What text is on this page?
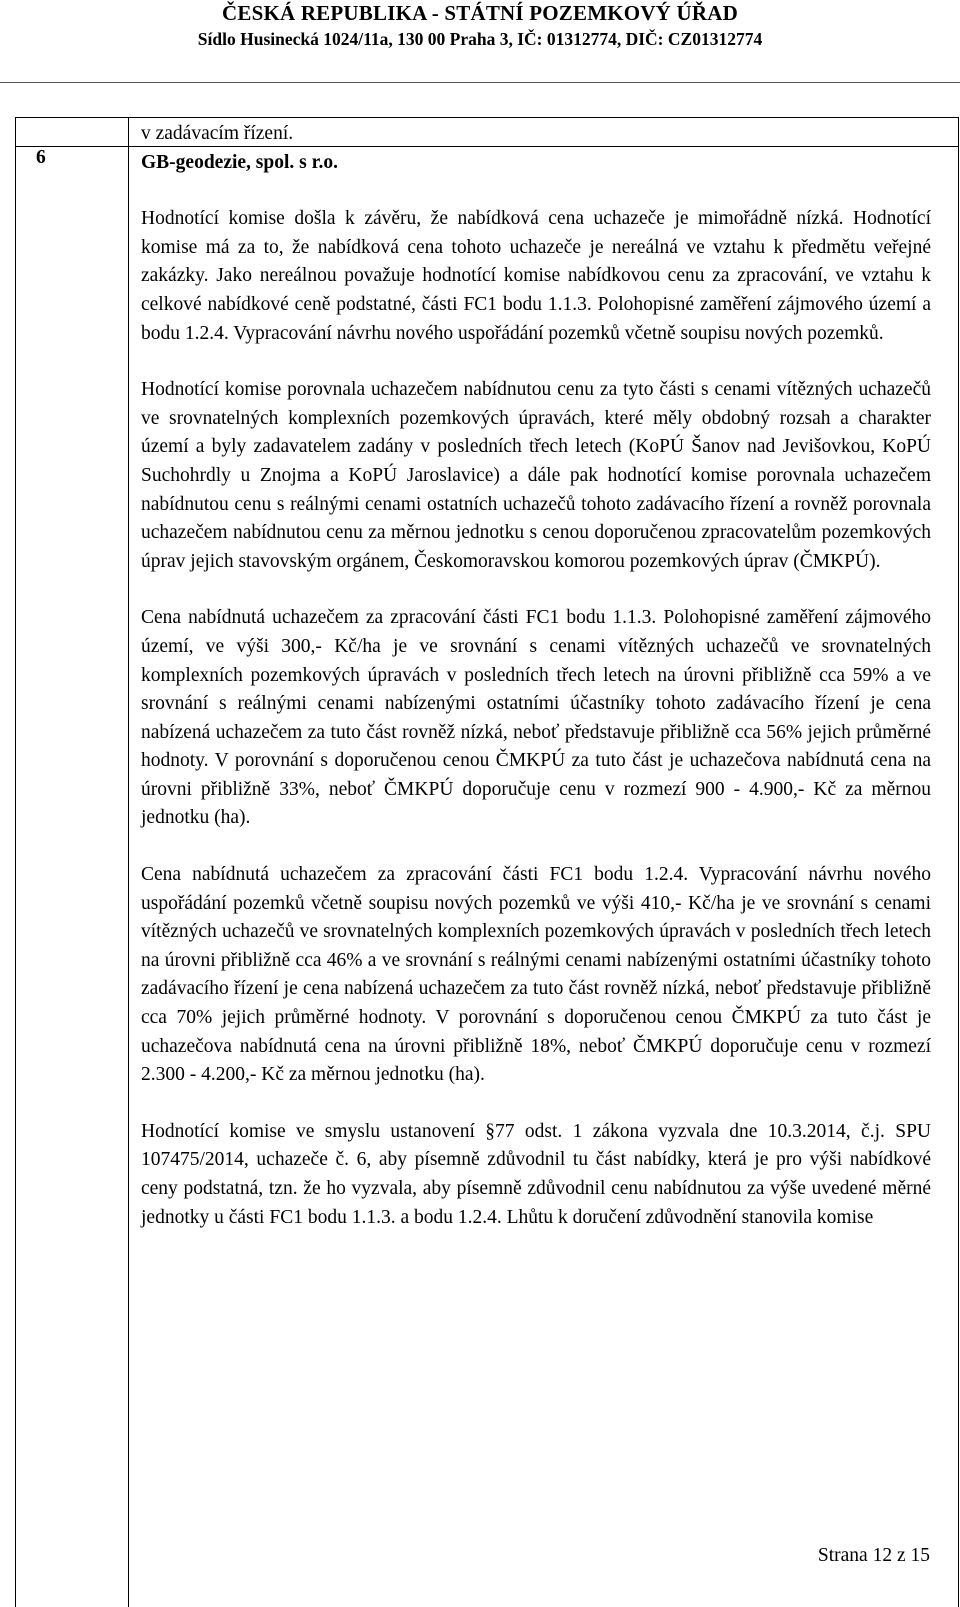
ČESKÁ REPUBLIKA - STÁTNÍ POZEMKOVÝ ÚŘAD
Sídlo Husinecká 1024/11a, 130 00 Praha 3, IČ: 01312774, DIČ: CZ01312774
6

v zadávacím řízení.

GB-geodezie, spol. s r.o.

Hodnotící komise došla k závěru, že nabídková cena uchazeče je mimořádně nízká. Hodnotící komise má za to, že nabídková cena tohoto uchazeče je nereálná ve vztahu k předmětu veřejné zakázky. Jako nereálnou považuje hodnotící komise nabídkovou cenu za zpracování, ve vztahu k celkové nabídkové ceně podstatné, části FC1 bodu 1.1.3. Polohopisné zaměření zájmového území a bodu 1.2.4. Vypracování návrhu nového uspořádání pozemků včetně soupisu nových pozemků.

Hodnotící komise porovnala uchazečem nabídnutou cenu za tyto části s cenami vítězných uchazečů ve srovnatelných komplexních pozemkových úpravách, které měly obdobný rozsah a charakter území a byly zadavatelem zadány v posledních třech letech (KoPÚ Šanov nad Jevišovkou, KoPÚ Suchohrdly u Znojma a KoPÚ Jaroslavice) a dále pak hodnotící komise porovnala uchazečem nabídnutou cenu s reálnými cenami ostatních uchazečů tohoto zadávacího řízení a rovněž porovnala uchazečem nabídnutou cenu za měrnou jednotku s cenou doporučenou zpracovatelům pozemkových úprav jejich stavovským orgánem, Českomoravskou komorou pozemkových úprav (ČMKPÚ).

Cena nabídnutá uchazečem za zpracování části FC1 bodu 1.1.3. Polohopisné zaměření zájmového území, ve výši 300,- Kč/ha je ve srovnání s cenami vítězných uchazečů ve srovnatelných komplexních pozemkových úpravách v posledních třech letech na úrovni přibližně cca 59% a ve srovnání s reálnými cenami nabízenými ostatními účastníky tohoto zadávacího řízení je cena nabízená uchazečem za tuto část rovněž nízká, neboť představuje přibližně cca 56% jejich průměrné hodnoty. V porovnání s doporučenou cenou ČMKPÚ za tuto část je uchazečova nabídnutá cena na úrovni přibližně 33%, neboť ČMKPÚ doporučuje cenu v rozmezí 900 - 4.900,- Kč za měrnou jednotku (ha).

Cena nabídnutá uchazečem za zpracování části FC1 bodu 1.2.4. Vypracování návrhu nového uspořádání pozemků včetně soupisu nových pozemků ve výši 410,- Kč/ha je ve srovnání s cenami vítězných uchazečů ve srovnatelných komplexních pozemkových úpravách v posledních třech letech na úrovni přibližně cca 46% a ve srovnání s reálnými cenami nabízenými ostatními účastníky tohoto zadávacího řízení je cena nabízená uchazečem za tuto část rovněž nízká, neboť představuje přibližně cca 70% jejich průměrné hodnoty. V porovnání s doporučenou cenou ČMKPÚ za tuto část je uchazečova nabídnutá cena na úrovni přibližně 18%, neboť ČMKPÚ doporučuje cenu v rozmezí 2.300 - 4.200,- Kč za měrnou jednotku (ha).

Hodnotící komise ve smyslu ustanovení §77 odst. 1 zákona vyzvala dne 10.3.2014, č.j. SPU 107475/2014, uchazeče č. 6, aby písemně zdůvodnil tu část nabídky, která je pro výši nabídkové ceny podstatná, tzn. že ho vyzvala, aby písemně zdůvodnil cenu nabídnutou za výše uvedené měrné jednotky u části FC1 bodu 1.1.3. a bodu 1.2.4. Lhůtu k doručení zdůvodnění stanovila komise

Strana 12 z 15
